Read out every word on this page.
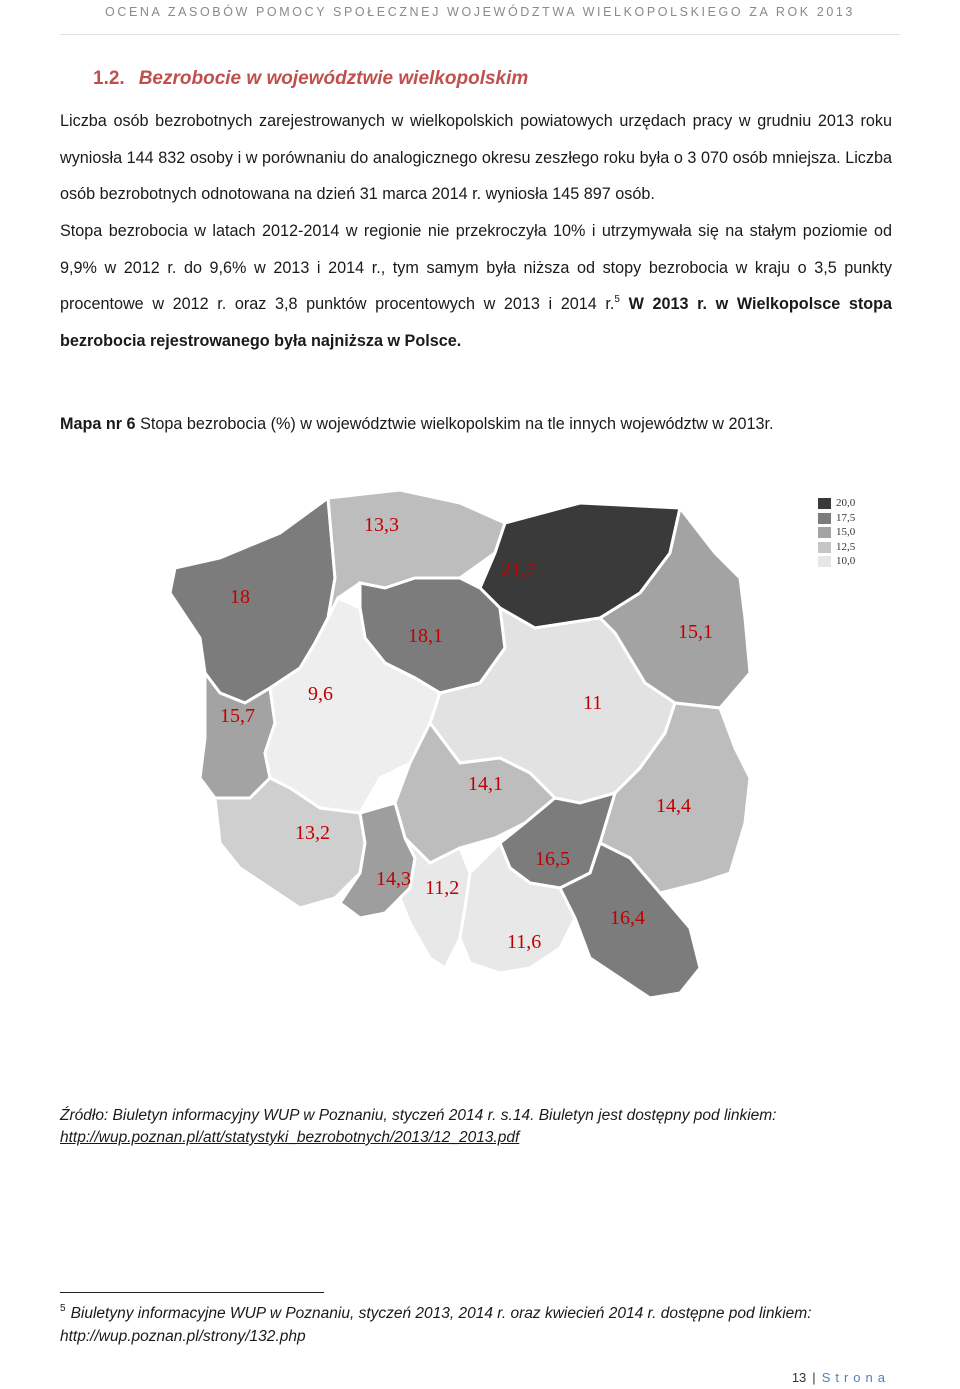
OCENA ZASOBÓW POMOCY SPOŁECZNEJ WOJEWÓDZTWA WIELKOPOLSKIEGO ZA ROK 2013
1.2. Bezrobocie w województwie wielkopolskim
Liczba osób bezrobotnych zarejestrowanych w wielkopolskich powiatowych urzędach pracy w grudniu 2013 roku wyniosła 144 832 osoby i w porównaniu do analogicznego okresu zeszłego roku była o 3 070 osób mniejsza. Liczba osób bezrobotnych odnotowana na dzień 31 marca 2014 r. wyniosła 145 897 osób.
Stopa bezrobocia w latach 2012-2014 w regionie nie przekroczyła 10% i utrzymywała się na stałym poziomie od 9,9% w 2012 r. do 9,6% w 2013 i 2014 r., tym samym była niższa od stopy bezrobocia w kraju o 3,5 punkty procentowe w 2012 r. oraz 3,8 punktów procentowych w 2013 i 2014 r.$^5$ W 2013 r. w Wielkopolsce stopa bezrobocia rejestrowanego była najniższa w Polsce.
Mapa nr 6 Stopa bezrobocia (%) w województwie wielkopolskim na tle innych województw w 2013r.
18
13,3
21,7
15,1
18,1
15,7
9,6	11
14,1
14,4
13,2
14,3 11,2
16,5
11,6
16,4
20,0
17,5
15,0
12,5
10,0
Źródło: Biuletyn informacyjny WUP w Poznaniu, styczeń 2014 r. s.14. Biuletyn jest dostępny pod linkiem:
http://wup.poznan.pl/att/statystyki_bezrobotnych/2013/12_2013.pdf
$^5$ Biuletyny informacyjne WUP w Poznaniu, styczeń 2013, 2014 r. oraz kwiecień 2014 r. dostępne pod linkiem: http://wup.poznan.pl/strony/132.php
13 | Strona
